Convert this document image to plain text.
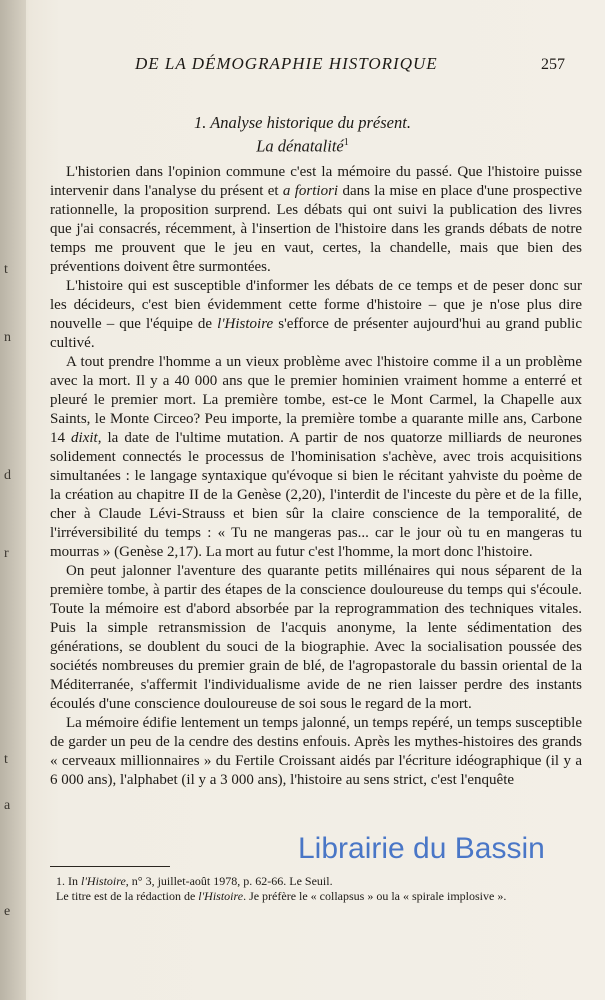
t
n
d
r
t
a
e
DE LA DÉMOGRAPHIE HISTORIQUE	257
1. Analyse historique du présent.
La dénatalité$^1$

L'historien dans l'opinion commune c'est la mémoire du passé. Que l'histoire puisse intervenir dans l'analyse du présent et a fortiori dans la mise en place d'une prospective rationnelle, la proposition surprend. Les débats qui ont suivi la publication des livres que j'ai consacrés, récemment, à l'insertion de l'histoire dans les grands débats de notre temps me prouvent que le jeu en vaut, certes, la chandelle, mais que bien des préventions doivent être surmontées.

L'histoire qui est susceptible d'informer les débats de ce temps et de peser donc sur les décideurs, c'est bien évidemment cette forme d'histoire – que je n'ose plus dire nouvelle – que l'équipe de l'Histoire s'efforce de présenter aujourd'hui au grand public cultivé.

A tout prendre l'homme a un vieux problème avec l'histoire comme il a un problème avec la mort. Il y a 40 000 ans que le premier hominien vraiment homme a enterré et pleuré le premier mort. La première tombe, est-ce le Mont Carmel, la Chapelle aux Saints, le Monte Circeo? Peu importe, la première tombe a quarante mille ans, Carbone 14 dixit, la date de l'ultime mutation. A partir de nos quatorze milliards de neurones solidement connectés le processus de l'hominisation s'achève, avec trois acquisitions simultanées : le langage syntaxique qu'évoque si bien le récitant yahviste du poème de la création au chapitre II de la Genèse (2,20), l'interdit de l'inceste du père et de la fille, cher à Claude Lévi-Strauss et bien sûr la claire conscience de la temporalité, de l'irréversibilité du temps : « Tu ne mangeras pas... car le jour où tu en mangeras tu mourras » (Genèse 2,17). La mort au futur c'est l'homme, la mort donc l'histoire.

On peut jalonner l'aventure des quarante petits millénaires qui nous séparent de la première tombe, à partir des étapes de la conscience douloureuse du temps qui s'écoule. Toute la mémoire est d'abord absorbée par la reprogrammation des techniques vitales. Puis la simple retransmission de l'acquis anonyme, la lente sédimentation des générations, se doublent du souci de la biographie. Avec la socialisation poussée des sociétés nombreuses du premier grain de blé, de l'agropastorale du bassin oriental de la Méditerranée, s'affermit l'individualisme avide de ne rien laisser perdre des instants écoulés d'une conscience douloureuse de soi sous le regard de la mort.

La mémoire édifie lentement un temps jalonné, un temps repéré, un temps susceptible de garder un peu de la cendre des destins enfouis. Après les mythes-histoires des grands « cerveaux millionnaires » du Fertile Croissant aidés par l'écriture idéographique (il y a 6 000 ans), l'alphabet (il y a 3 000 ans), l'histoire au sens strict, c'est l'enquête

1. In l'Histoire, n° 3, juillet-août 1978, p. 62-66. Le Seuil.

Le titre est de la rédaction de l'Histoire. Je préfère le « collapsus » ou la « spirale implosive ».

Librairie du Bassin
